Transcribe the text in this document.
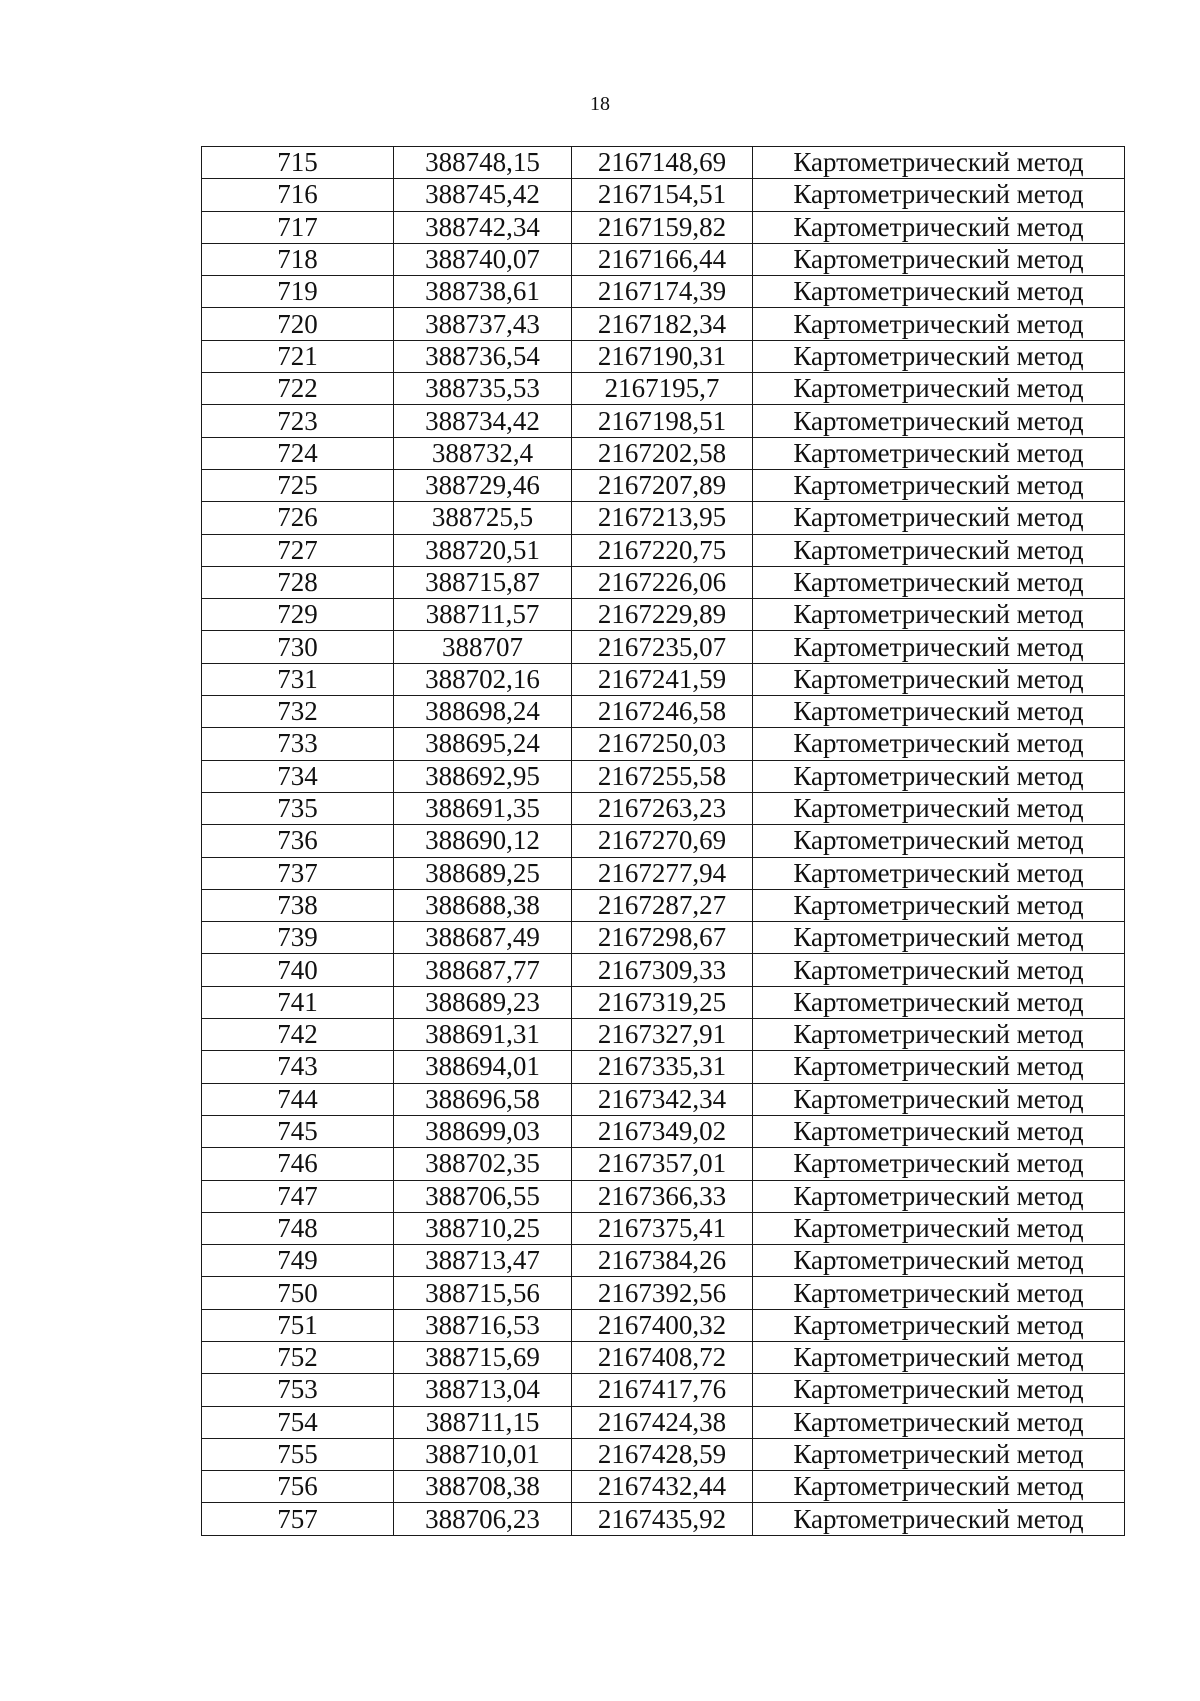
18
715	388748,15	2167148,69	Картометрический метод
716	388745,42	2167154,51	Картометрический метод
717	388742,34	2167159,82	Картометрический метод
718	388740,07	2167166,44	Картометрический метод
719	388738,61	2167174,39	Картометрический метод
720	388737,43	2167182,34	Картометрический метод
721	388736,54	2167190,31	Картометрический метод
722	388735,53	2167195,7	Картометрический метод
723	388734,42	2167198,51	Картометрический метод
724	388732,4	2167202,58	Картометрический метод
725	388729,46	2167207,89	Картометрический метод
726	388725,5	2167213,95	Картометрический метод
727	388720,51	2167220,75	Картометрический метод
728	388715,87	2167226,06	Картометрический метод
729	388711,57	2167229,89	Картометрический метод
730	388707	2167235,07	Картометрический метод
731	388702,16	2167241,59	Картометрический метод
732	388698,24	2167246,58	Картометрический метод
733	388695,24	2167250,03	Картометрический метод
734	388692,95	2167255,58	Картометрический метод
735	388691,35	2167263,23	Картометрический метод
736	388690,12	2167270,69	Картометрический метод
737	388689,25	2167277,94	Картометрический метод
738	388688,38	2167287,27	Картометрический метод
739	388687,49	2167298,67	Картометрический метод
740	388687,77	2167309,33	Картометрический метод
741	388689,23	2167319,25	Картометрический метод
742	388691,31	2167327,91	Картометрический метод
743	388694,01	2167335,31	Картометрический метод
744	388696,58	2167342,34	Картометрический метод
745	388699,03	2167349,02	Картометрический метод
746	388702,35	2167357,01	Картометрический метод
747	388706,55	2167366,33	Картометрический метод
748	388710,25	2167375,41	Картометрический метод
749	388713,47	2167384,26	Картометрический метод
750	388715,56	2167392,56	Картометрический метод
751	388716,53	2167400,32	Картометрический метод
752	388715,69	2167408,72	Картометрический метод
753	388713,04	2167417,76	Картометрический метод
754	388711,15	2167424,38	Картометрический метод
755	388710,01	2167428,59	Картометрический метод
756	388708,38	2167432,44	Картометрический метод
757	388706,23	2167435,92	Картометрический метод
